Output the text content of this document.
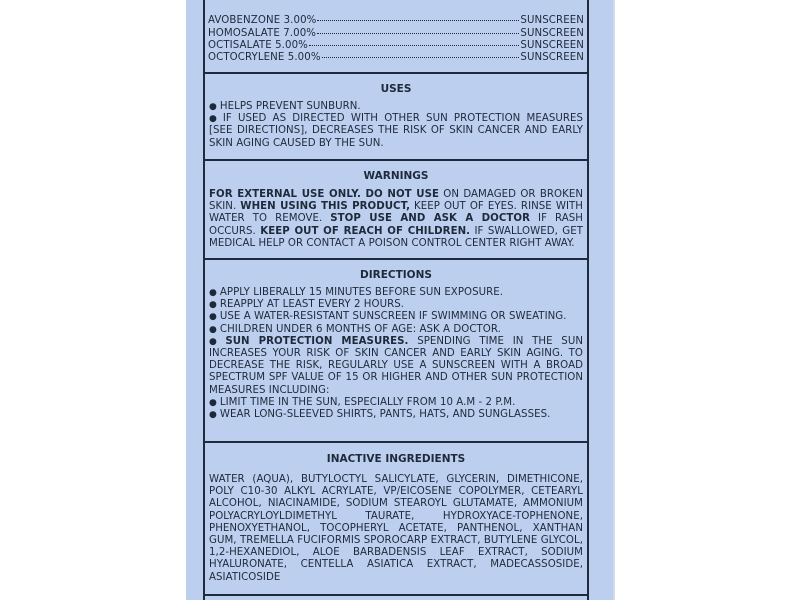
AVOBENZONE 3.00%	SUNSCREEN
HOMOSALATE 7.00%	SUNSCREEN
OCTISALATE 5.00%	SUNSCREEN
OCTOCRYLENE 5.00%	SUNSCREEN
USES

● HELPS PREVENT SUNBURN.

● IF USED AS DIRECTED WITH OTHER SUN PROTECTION MEASURES [SEE DIRECTIONS], DECREASES THE RISK OF SKIN CANCER AND EARLY SKIN AGING CAUSED BY THE SUN.

WARNINGS
FOR EXTERNAL USE ONLY. DO NOT USE ON DAMAGED OR BROKEN SKIN. WHEN USING THIS PRODUCT, KEEP OUT OF EYES. RINSE WITH WATER TO REMOVE. STOP USE AND ASK A DOCTOR IF RASH OCCURS. KEEP OUT OF REACH OF CHILDREN. IF SWALLOWED, GET MEDICAL HELP OR CONTACT A POISON CONTROL CENTER RIGHT AWAY.
DIRECTIONS

● APPLY LIBERALLY 15 MINUTES BEFORE SUN EXPOSURE.

● REAPPLY AT LEAST EVERY 2 HOURS.

● USE A WATER-RESISTANT SUNSCREEN IF SWIMMING OR SWEATING.

● CHILDREN UNDER 6 MONTHS OF AGE: ASK A DOCTOR.

● SUN PROTECTION MEASURES. SPENDING TIME IN THE SUN INCREASES YOUR RISK OF SKIN CANCER AND EARLY SKIN AGING. TO DECREASE THE RISK, REGULARLY USE A SUNSCREEN WITH A BROAD SPECTRUM SPF VALUE OF 15 OR HIGHER AND OTHER SUN PROTECTION MEASURES INCLUDING:

● LIMIT TIME IN THE SUN, ESPECIALLY FROM 10 A.M - 2 P.M.

● WEAR LONG-SLEEVED SHIRTS, PANTS, HATS, AND SUNGLASSES.

INACTIVE INGREDIENTS
WATER (AQUA), BUTYLOCTYL SALICYLATE, GLYCERIN, DIMETHICONE, POLY C10-30 ALKYL ACRYLATE, VP/EICOSENE COPOLYMER, CETEARYL ALCOHOL, NIACINAMIDE, SODIUM STEAROYL GLUTAMATE, AMMONIUM POLYACRYLOYLDIMETHYL TAURATE, HYDROXYACE-TOPHENONE, PHENOXYETHANOL, TOCOPHERYL ACETATE, PANTHENOL, XANTHAN GUM, TREMELLA FUCIFORMIS SPOROCARP EXTRACT, BUTYLENE GLYCOL, 1,2-HEXANEDIOL, ALOE BARBADENSIS LEAF EXTRACT, SODIUM HYALURONATE, CENTELLA ASIATICA EXTRACT, MADECASSOSIDE, ASIATICOSIDE
